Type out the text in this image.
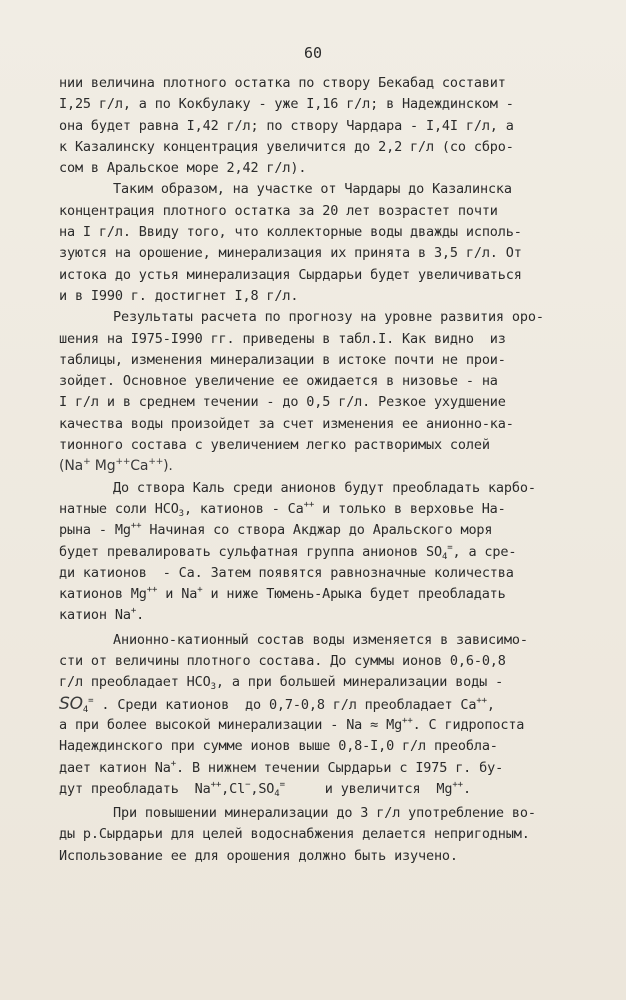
60
нии величина плотного остатка по створу Бекабад составит
I,25 г/л, а по Кокбулаку - уже I,16 г/л; в Надеждинском -
она будет равна I,42 г/л; по створу Чардара - I,4I г/л, а
к Казалинску концентрация увеличится до 2,2 г/л (со сбро-
сом в Аральское море 2,42 г/л).
Таким образом, на участке от Чардары до Казалинска
концентрация плотного остатка за 20 лет возрастет почти
на I г/л. Ввиду того, что коллекторные воды дважды исполь-
зуются на орошение, минерализация их принята в 3,5 г/л. От
истока до устья минерализация Сырдарьи будет увеличиваться
и в I990 г. достигнет I,8 г/л.
Результаты расчета по прогнозу на уровне развития оро-
шения на I975-I990 гг. приведены в табл.I. Как видно  из
таблицы, изменения минерализации в истоке почти не прои-
зойдет. Основное увеличение ее ожидается в низовье - на
I г/л и в среднем течении - до 0,5 г/л. Резкое ухудшение
качества воды произойдет за счет изменения ее анионно-ка-
тионного состава с увеличением легко растворимых солей
(Na+ Mg++Ca++).
До створа Каль среди анионов будут преобладать карбо-
натные соли $НСО_3$, катионов - Са++ и только в верховье На-
рына - Mg++ Начиная со створа Акджар до Аральского моря
будет превалировать сульфатная группа анионов $SO_4^=$, а сре-
ди катионов  - Са. Затем появятся равнозначные количества
катионов Mg++ и Na+ и ниже Тюмень-Арыка будет преобладать
катион Na+.
Анионно-катионный состав воды изменяется в зависимо-
сти от величины плотного состава. До суммы ионов 0,6-0,8
г/л преобладает $НСО_3$, а при большей минерализации воды -
$SO_4^=$ . Среди катионов  до 0,7-0,8 г/л преобладает Са++,
а при более высокой минерализации - Na ≈ Mg++. С гидропоста
Надеждинского при сумме ионов выше 0,8-I,0 г/л преобла-
дает катион Na+. В нижнем течении Сырдарьи с I975 г. бу-
дут преобладать  $Na^{++},Cl^-,SO_4^=$     и увеличится  Mg++.
При повышении минерализации до 3 г/л употребление во-
ды р.Сырдарьи для целей водоснабжения делается непригодным.
Использование ее для орошения должно быть изучено.
